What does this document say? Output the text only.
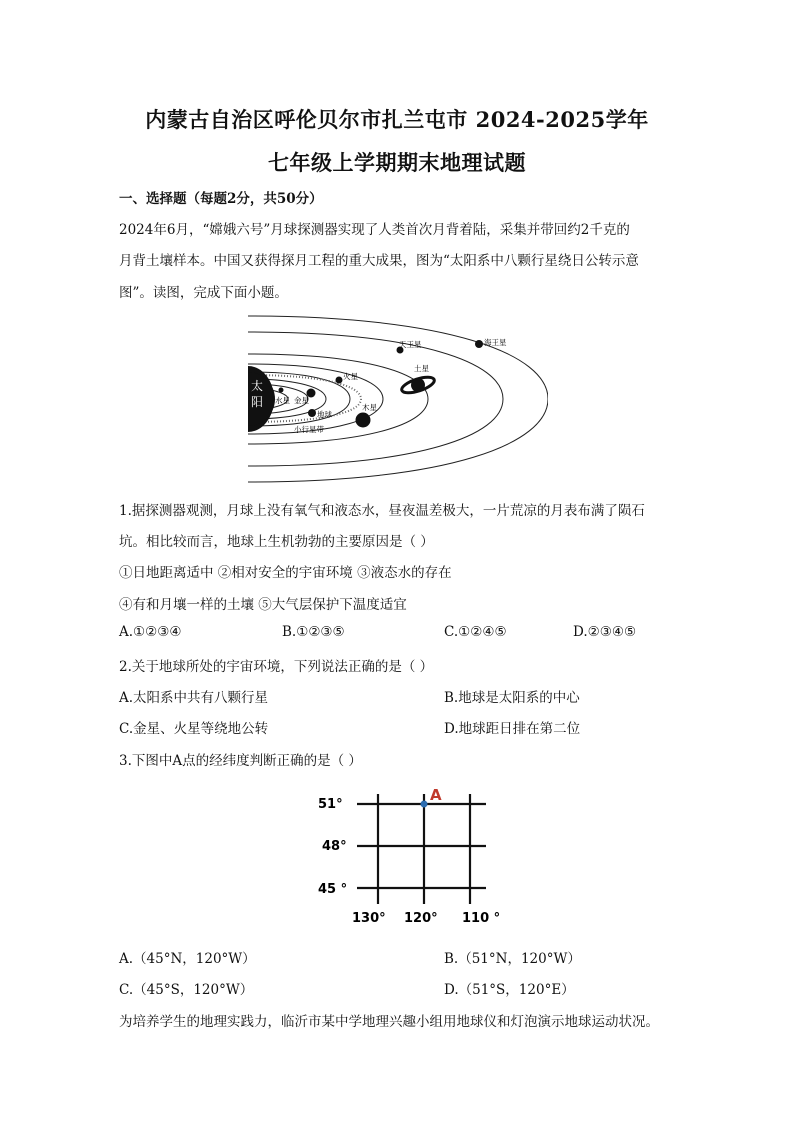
内蒙古自治区呼伦贝尔市扎兰屯市 2024-2025学年
七年级上学期期末地理试题
一、选择题（每题2分，共50分）
2024年6月，“嫦娥六号”月球探测器实现了人类首次月背着陆，采集并带回约2千克的
月背土壤样本。中国又获得探月工程的重大成果，图为“太阳系中八颗行星绕日公转示意
图”。读图，完成下面小题。
太
阳 水星 金星
地球
火星
小行星带
木星
土星
天王星	海王星
1.据探测器观测，月球上没有氧气和液态水，昼夜温差极大，一片荒凉的月表布满了陨石
坑。相比较而言，地球上生机勃勃的主要原因是（ ）
①日地距离适中 ②相对安全的宇宙环境 ③液态水的存在
④有和月壤一样的土壤 ⑤大气层保护下温度适宜
A.①②③④	B.①②③⑤	C.①②④⑤	D.②③④⑤
2.关于地球所处的宇宙环境，下列说法正确的是（ ）
A.太阳系中共有八颗行星	B.地球是太阳系的中心
C.金星、火星等绕地公转	D.地球距日排在第二位
3.下图中A点的经纬度判断正确的是（ ）
A
51°
48°
45 °
130° 120° 110 °
A.（45°N，120°W）	B.（51°N，120°W）
C.（45°S，120°W）	D.（51°S，120°E）
为培养学生的地理实践力，临沂市某中学地理兴趣小组用地球仪和灯泡演示地球运动状况。
